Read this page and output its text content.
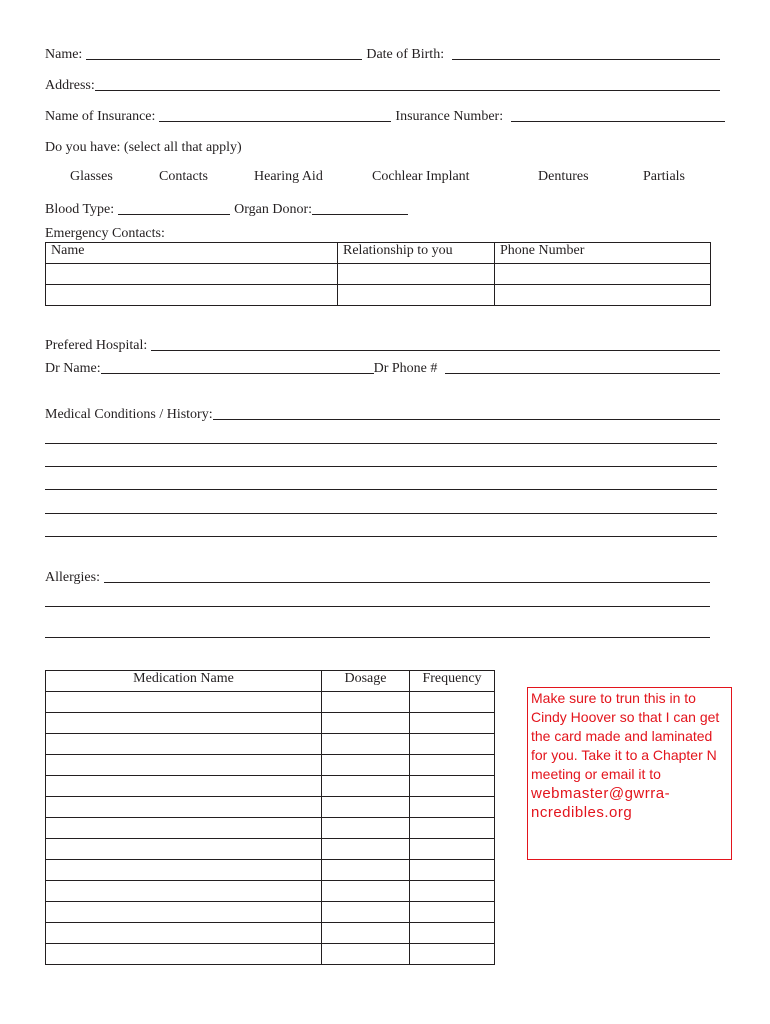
Name:	Date of Birth:
Address:
Name of Insurance:	Insurance Number:
Do you have: (select all that apply)
Glasses	Contacts	Hearing Aid	Cochlear Implant	Dentures	Partials
Blood Type:	Organ Donor:
Emergency Contacts:
Name	Relationship to you	Phone Number

Prefered Hospital:
Dr Name:	Dr Phone #
Medical Conditions / History:
Allergies:
Medication Name	Dosage	Frequency

Make sure to trun this in to Cindy Hoover so that I can get the card made and laminated for you. Take it to a Chapter N meeting or email it to webmaster@gwrra-ncredibles.org
